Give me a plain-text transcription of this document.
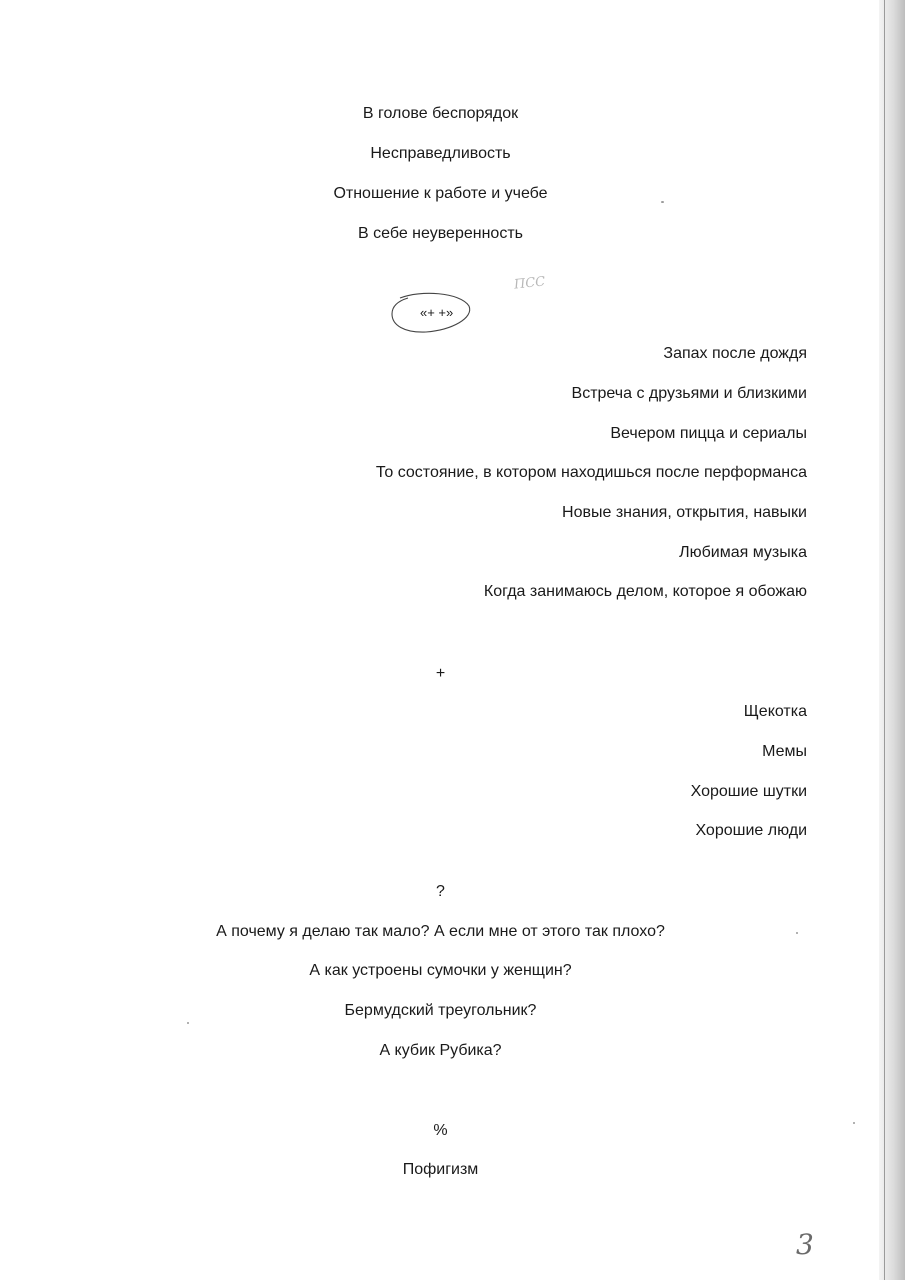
В голове беспорядок
Несправедливость
Отношение к работе и учебе
В себе неуверенность
ПСС
«+ +»
Запах после дождя
Встреча с друзьями и близкими
Вечером пицца и сериалы
То состояние, в котором находишься после перформанса
Новые знания, открытия, навыки
Любимая музыка
Когда занимаюсь делом, которое я обожаю
+
Щекотка
Мемы
Хорошие шутки
Хорошие люди
?
А почему я делаю так мало? А если мне от этого так плохо?
А как устроены сумочки у женщин?
Бермудский треугольник?
А кубик Рубика?
%
Пофигизм
3
